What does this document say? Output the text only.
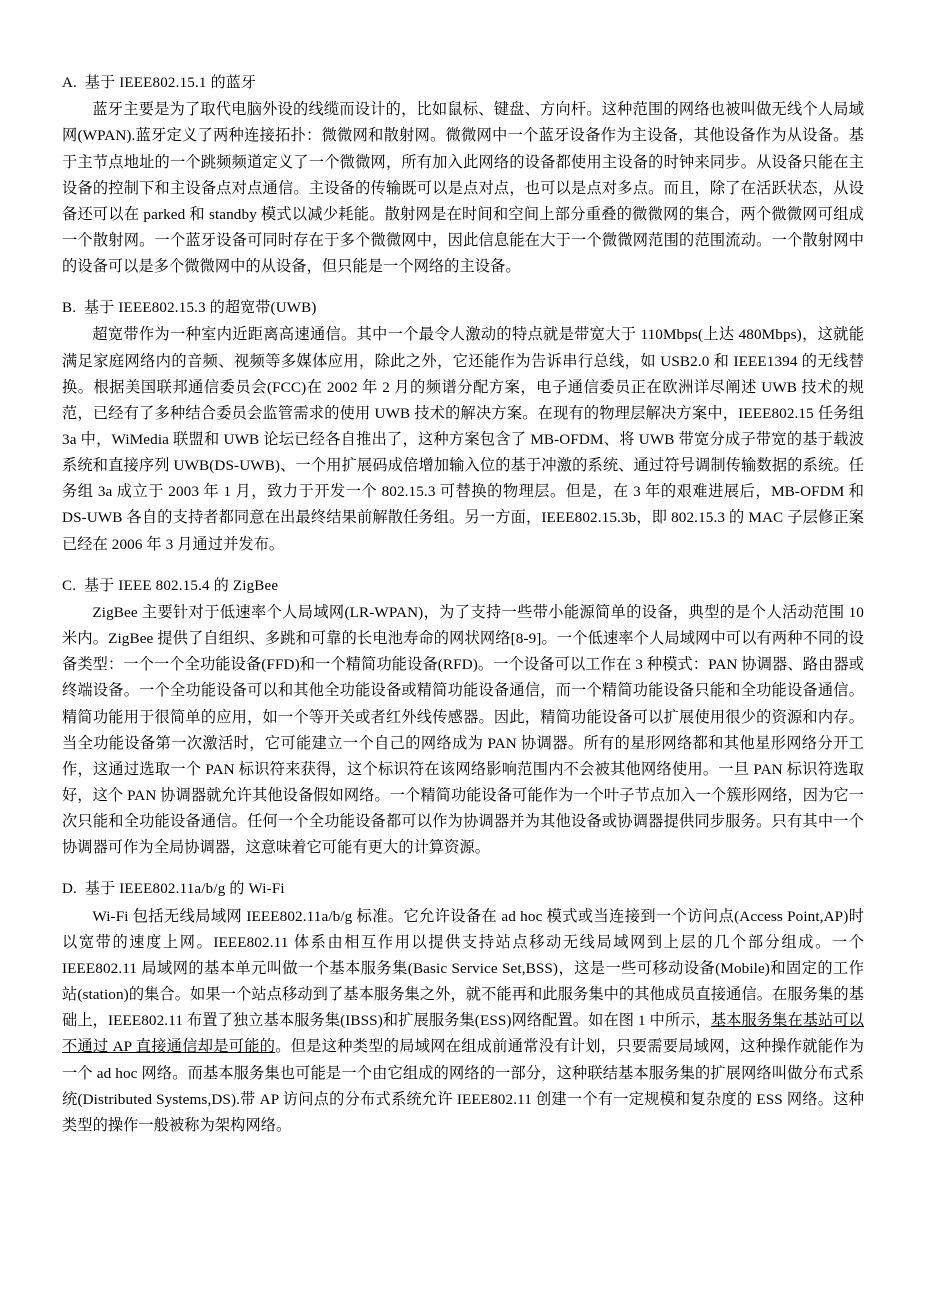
A.  基于 IEEE802.15.1 的蓝牙

蓝牙主要是为了取代电脑外设的线缆而设计的，比如鼠标、键盘、方向杆。这种范围的网络也被叫做无线个人局域网(WPAN).蓝牙定义了两种连接拓扑：微微网和散射网。微微网中一个蓝牙设备作为主设备，其他设备作为从设备。基于主节点地址的一个跳频频道定义了一个微微网，所有加入此网络的设备都使用主设备的时钟来同步。从设备只能在主设备的控制下和主设备点对点通信。主设备的传输既可以是点对点，也可以是点对多点。而且，除了在活跃状态，从设备还可以在 parked 和 standby 模式以减少耗能。散射网是在时间和空间上部分重叠的微微网的集合，两个微微网可组成一个散射网。一个蓝牙设备可同时存在于多个微微网中，因此信息能在大于一个微微网范围的范围流动。一个散射网中的设备可以是多个微微网中的从设备，但只能是一个网络的主设备。

B.  基于 IEEE802.15.3 的超宽带(UWB)

超宽带作为一种室内近距离高速通信。其中一个最令人激动的特点就是带宽大于 110Mbps(上达 480Mbps)，这就能满足家庭网络内的音频、视频等多媒体应用，除此之外，它还能作为告诉串行总线，如 USB2.0 和 IEEE1394 的无线替换。根据美国联邦通信委员会(FCC)在 2002 年 2 月的频谱分配方案，电子通信委员正在欧洲详尽阐述 UWB 技术的规范，已经有了多种结合委员会监管需求的使用 UWB 技术的解决方案。在现有的物理层解决方案中，IEEE802.15 任务组 3a 中，WiMedia 联盟和 UWB 论坛已经各自推出了，这种方案包含了 MB-OFDM、将 UWB 带宽分成子带宽的基于载波系统和直接序列 UWB(DS-UWB)、一个用扩展码成倍增加输入位的基于冲激的系统、通过符号调制传输数据的系统。任务组 3a 成立于 2003 年 1 月，致力于开发一个 802.15.3 可替换的物理层。但是，在 3 年的艰难进展后，MB-OFDM 和 DS-UWB 各自的支持者都同意在出最终结果前解散任务组。另一方面，IEEE802.15.3b，即 802.15.3 的 MAC 子层修正案已经在 2006 年 3 月通过并发布。

C.  基于 IEEE 802.15.4 的 ZigBee

ZigBee 主要针对于低速率个人局域网(LR-WPAN)，为了支持一些带小能源简单的设备，典型的是个人活动范围 10 米内。ZigBee 提供了自组织、多跳和可靠的长电池寿命的网状网络[8-9]。一个低速率个人局域网中可以有两种不同的设备类型：一个一个全功能设备(FFD)和一个精简功能设备(RFD)。一个设备可以工作在 3 种模式：PAN 协调器、路由器或终端设备。一个全功能设备可以和其他全功能设备或精简功能设备通信，而一个精简功能设备只能和全功能设备通信。精简功能用于很简单的应用，如一个等开关或者红外线传感器。因此，精简功能设备可以扩展使用很少的资源和内存。当全功能设备第一次激活时，它可能建立一个自己的网络成为 PAN 协调器。所有的星形网络都和其他星形网络分开工作，这通过选取一个 PAN 标识符来获得，这个标识符在该网络影响范围内不会被其他网络使用。一旦 PAN 标识符选取好，这个 PAN 协调器就允许其他设备假如网络。一个精简功能设备可能作为一个叶子节点加入一个簇形网络，因为它一次只能和全功能设备通信。任何一个全功能设备都可以作为协调器并为其他设备或协调器提供同步服务。只有其中一个协调器可作为全局协调器，这意味着它可能有更大的计算资源。

D.  基于 IEEE802.11a/b/g 的 Wi-Fi

Wi-Fi 包括无线局域网 IEEE802.11a/b/g 标准。它允许设备在 ad hoc 模式或当连接到一个访问点(Access Point,AP)时以宽带的速度上网。IEEE802.11 体系由相互作用以提供支持站点移动无线局域网到上层的几个部分组成。一个 IEEE802.11 局域网的基本单元叫做一个基本服务集(Basic Service Set,BSS)，这是一些可移动设备(Mobile)和固定的工作站(station)的集合。如果一个站点移动到了基本服务集之外，就不能再和此服务集中的其他成员直接通信。在服务集的基础上，IEEE802.11 布置了独立基本服务集(IBSS)和扩展服务集(ESS)网络配置。如在图 1 中所示，基本服务集在基站可以不通过 AP 直接通信却是可能的。但是这种类型的局域网在组成前通常没有计划，只要需要局域网，这种操作就能作为一个 ad hoc 网络。而基本服务集也可能是一个由它组成的网络的一部分，这种联结基本服务集的扩展网络叫做分布式系统(Distributed Systems,DS).带 AP 访问点的分布式系统允许 IEEE802.11 创建一个有一定规模和复杂度的 ESS 网络。这种类型的操作一般被称为架构网络。
